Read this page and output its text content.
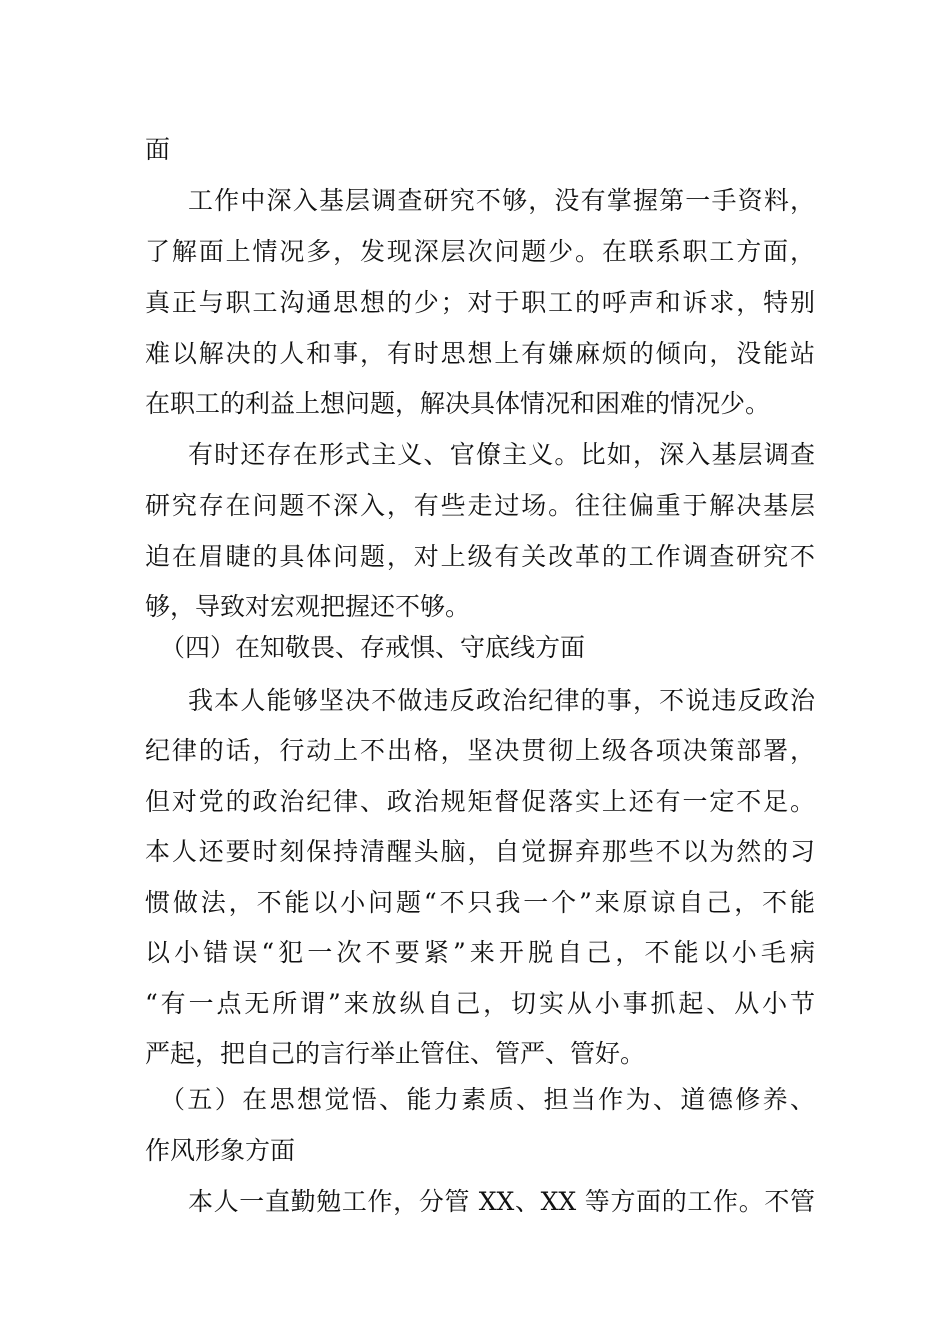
面
工作中深入基层调查研究不够，没有掌握第一手资料，
了解面上情况多，发现深层次问题少。在联系职工方面，
真正与职工沟通思想的少；对于职工的呼声和诉求，特别
难以解决的人和事，有时思想上有嫌麻烦的倾向，没能站
在职工的利益上想问题，解决具体情况和困难的情况少。
有时还存在形式主义、官僚主义。比如，深入基层调查
研究存在问题不深入，有些走过场。往往偏重于解决基层
迫在眉睫的具体问题，对上级有关改革的工作调查研究不
够，导致对宏观把握还不够。
（四）在知敬畏、存戒惧、守底线方面
我本人能够坚决不做违反政治纪律的事，不说违反政治
纪律的话，行动上不出格，坚决贯彻上级各项决策部署，
但对党的政治纪律、政治规矩督促落实上还有一定不足。
本人还要时刻保持清醒头脑，自觉摒弃那些不以为然的习
惯做法，不能以小问题“不只我一个”来原谅自己，不能
以小错误“犯一次不要紧”来开脱自己，不能以小毛病
“有一点无所谓”来放纵自己，切实从小事抓起、从小节
严起，把自己的言行举止管住、管严、管好。
（五）在思想觉悟、能力素质、担当作为、道德修养、
作风形象方面
本人一直勤勉工作，分管 XX、XX 等方面的工作。不管
